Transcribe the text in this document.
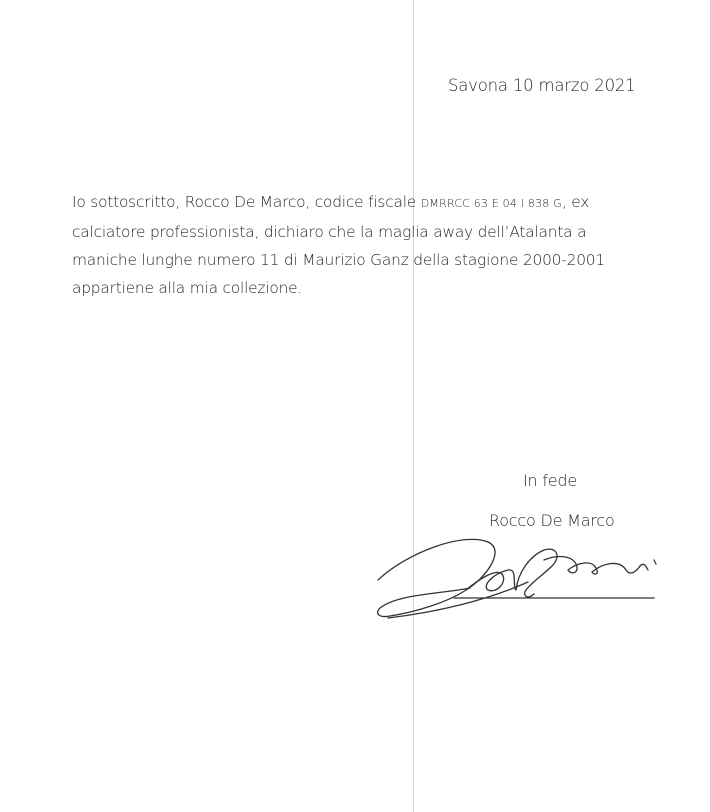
Savona 10 marzo 2021
Io sottoscritto, Rocco De Marco, codice fiscale DMRRCC 63 E 04 I 838 G, ex
calciatore professionista, dichiaro che la maglia away dell’Atalanta a
maniche lunghe numero 11 di Maurizio Ganz della stagione 2000-2001
appartiene alla mia collezione.
In fede
Rocco De Marco
